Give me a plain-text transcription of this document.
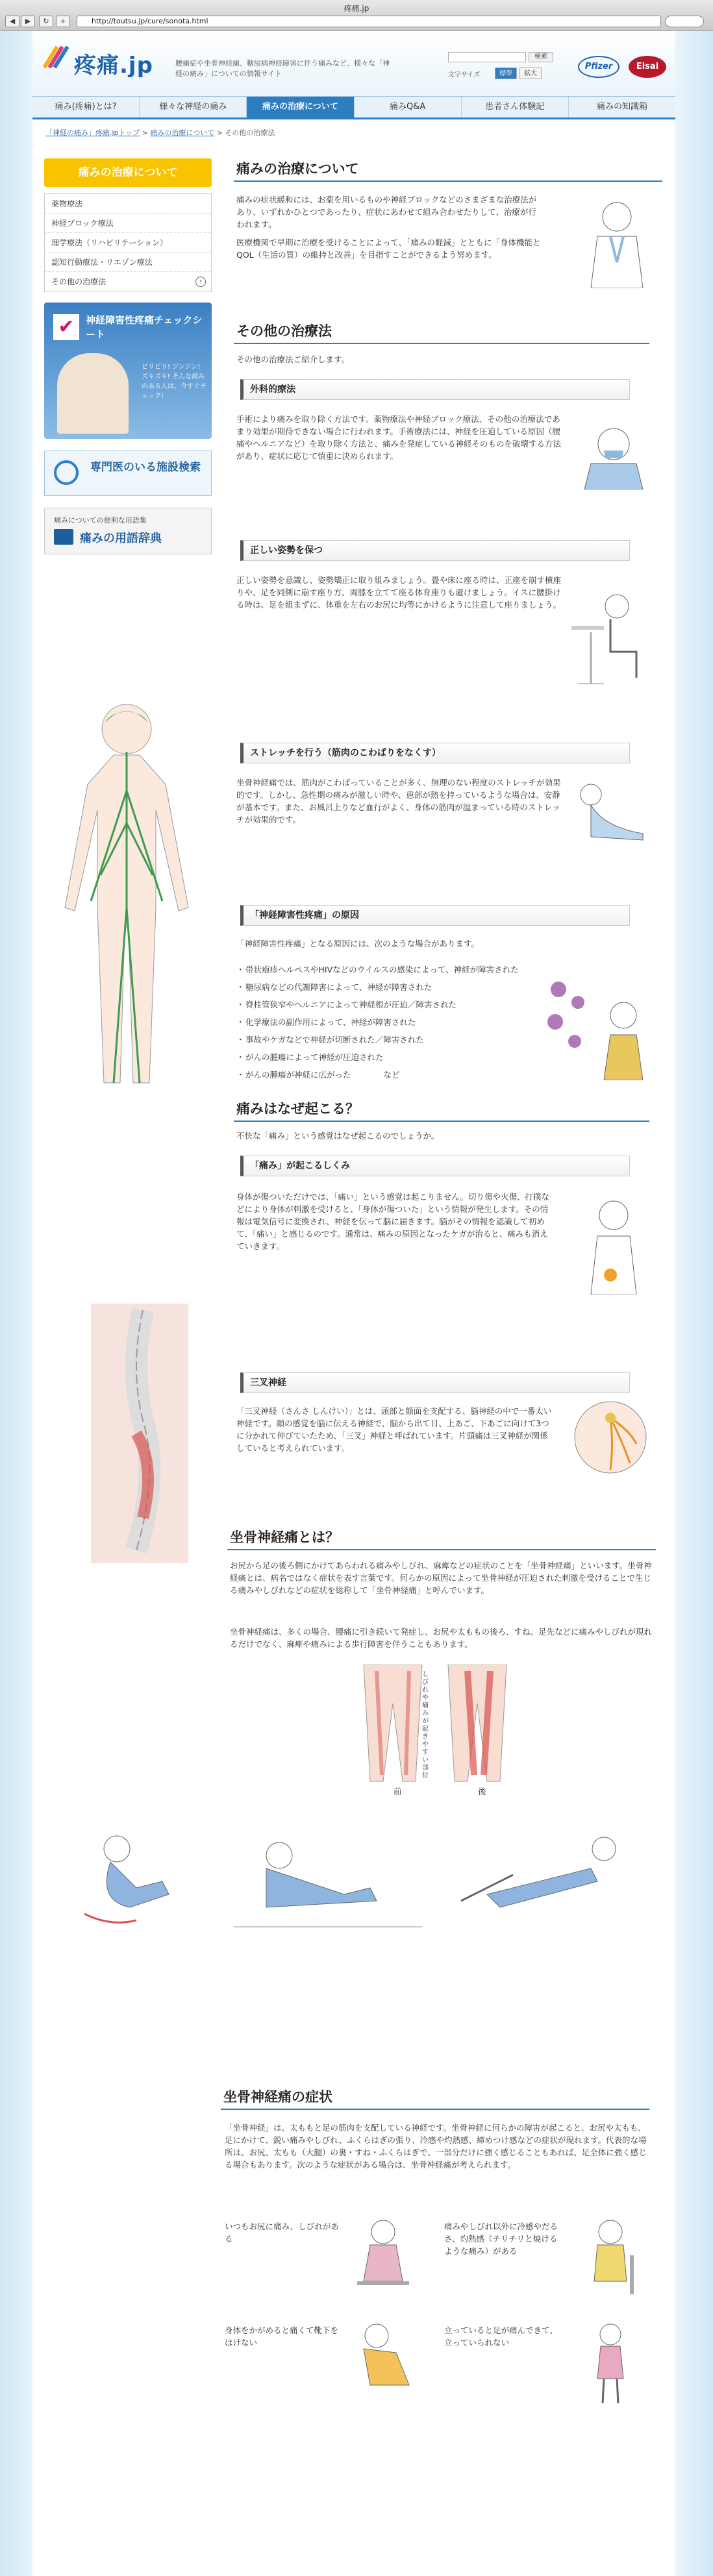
疼痛.jp
◀	▶	↻	+	http://toutsu.jp/cure/sonota.html
疼痛.jp	腰痛症や坐骨神経痛、糖尿病神経障害に伴う痛みなど、様々な「神経の痛み」についての情報サイト
検索
文字サイズ	標準	拡大
Pfizer	Eisai
痛み(疼痛)とは?	様々な神経の痛み	痛みの治療について	痛みQ&A	患者さん体験記	痛みの知識箱
「神経の痛み」疼痛.jpトップ > 痛みの治療について > その他の治療法
痛みの治療について
薬物療法
神経ブロック療法
理学療法（リハビリテーション）
認知行動療法・リエゾン療法
その他の治療法	›
✔	神経障害性疼痛チェックシート
ピリピリ! ジンジン! ズキズキ! そんな痛みのある人は、今すぐチェック!
専門医のいる施設検索
痛みについての便利な用語集
痛みの用語辞典
痛みの治療について
痛みの症状緩和には、お薬を用いるものや神経ブロックなどのさまざまな治療法があり、いずれかひとつであったり、症状にあわせて組み合わせたりして、治療が行われます。
医療機関で早期に治療を受けることによって、「痛みの軽減」とともに「身体機能とQOL（生活の質）の維持と改善」を目指すことができるよう努めます。
その他の治療法
その他の治療法ご紹介します。
外科的療法
手術により痛みを取り除く方法です。薬物療法や神経ブロック療法、その他の治療法であまり効果が期待できない場合に行われます。手術療法には、神経を圧迫している原因（腰痛やヘルニアなど）を取り除く方法と、痛みを発症している神経そのものを破壊する方法があり、症状に応じて慎重に決められます。
正しい姿勢を保つ
正しい姿勢を意識し、姿勢矯正に取り組みましょう。畳や床に座る時は、正座を崩す横座りや、足を同側に崩す座り方、両膝を立てて座る体育座りも避けましょう。イスに腰掛ける時は、足を組まずに、体重を左右のお尻に均等にかけるように注意して座りましょう。
ストレッチを行う（筋肉のこわばりをなくす）
坐骨神経痛では、筋肉がこわばっていることが多く、無理のない程度のストレッチが効果的です。しかし、急性期の痛みが激しい時や、患部が熱を持っているような場合は、安静が基本です。また、お風呂上りなど血行がよく、身体の筋肉が温まっている時のストレッチが効果的です。
「神経障害性疼痛」の原因
「神経障害性疼痛」となる原因には、次のような場合があります。
・ 帯状疱疹ヘルペスやHIVなどのウイルスの感染によって、神経が障害された
・ 糖尿病などの代謝障害によって、神経が障害された
・ 脊柱管狭窄やヘルニアによって神経根が圧迫／障害された
・ 化学療法の副作用によって、神経が障害された
・ 事故やケガなどで神経が切断された／障害された
・ がんの腫瘍によって神経が圧迫された
・ がんの腫瘍が神経に広がった　　　　など
痛みはなぜ起こる？
不快な「痛み」という感覚はなぜ起こるのでしょうか。
「痛み」が起こるしくみ
身体が傷ついただけでは、「痛い」という感覚は起こりません。切り傷や火傷、打撲などにより身体が刺激を受けると、「身体が傷ついた」という情報が発生します。その情報は電気信号に変換され、神経を伝って脳に届きます。脳がその情報を認識して初めて、「痛い」と感じるのです。通常は、痛みの原因となったケガが治ると、痛みも消えていきます。
三叉神経
「三叉神経（さんさ しんけい）」とは、頭部と顔面を支配する、脳神経の中で一番太い神経です。顔の感覚を脳に伝える神経で、脳から出て目、上あご、下あごに向けて3つに分かれて伸びていたため、「三叉」神経と呼ばれています。片頭痛は三叉神経が関係していると考えられています。
坐骨神経痛とは？
お尻から足の後ろ側にかけてあらわれる痛みやしびれ、麻痺などの症状のことを「坐骨神経痛」といいます。坐骨神経痛とは、病名ではなく症状を表す言葉です。何らかの原因によって坐骨神経が圧迫された刺激を受けることで生じる痛みやしびれなどの症状を総称して「坐骨神経痛」と呼んでいます。
坐骨神経痛は、多くの場合、腰痛に引き続いて発症し、お尻や太ももの後ろ、すね、足先などに痛みやしびれが現れるだけでなく、麻痺や痛みによる歩行障害を伴うこともあります。
前	後
しびれや痛みが起きやすい部位
坐骨神経痛の症状
「坐骨神経」は、太ももと足の筋肉を支配している神経です。坐骨神経に何らかの障害が起こると、お尻や太もも、足にかけて、鋭い痛みやしびれ、ふくらはぎの張り、冷感や灼熱感、締めつけ感などの症状が現れます。代表的な場所は、お尻、太もも（大腿）の裏・すね・ふくらはぎで、一部分だけに強く感じることもあれば、足全体に強く感じる場合もあります。次のような症状がある場合は、坐骨神経痛が考えられます。
いつもお尻に痛み、しびれがある
痛みやしびれ以外に冷感やだるさ、灼熱感（チリチリと焼けるような痛み）がある
身体をかがめると痛くて靴下をはけない
立っていると足が痛んできて、立っていられない
